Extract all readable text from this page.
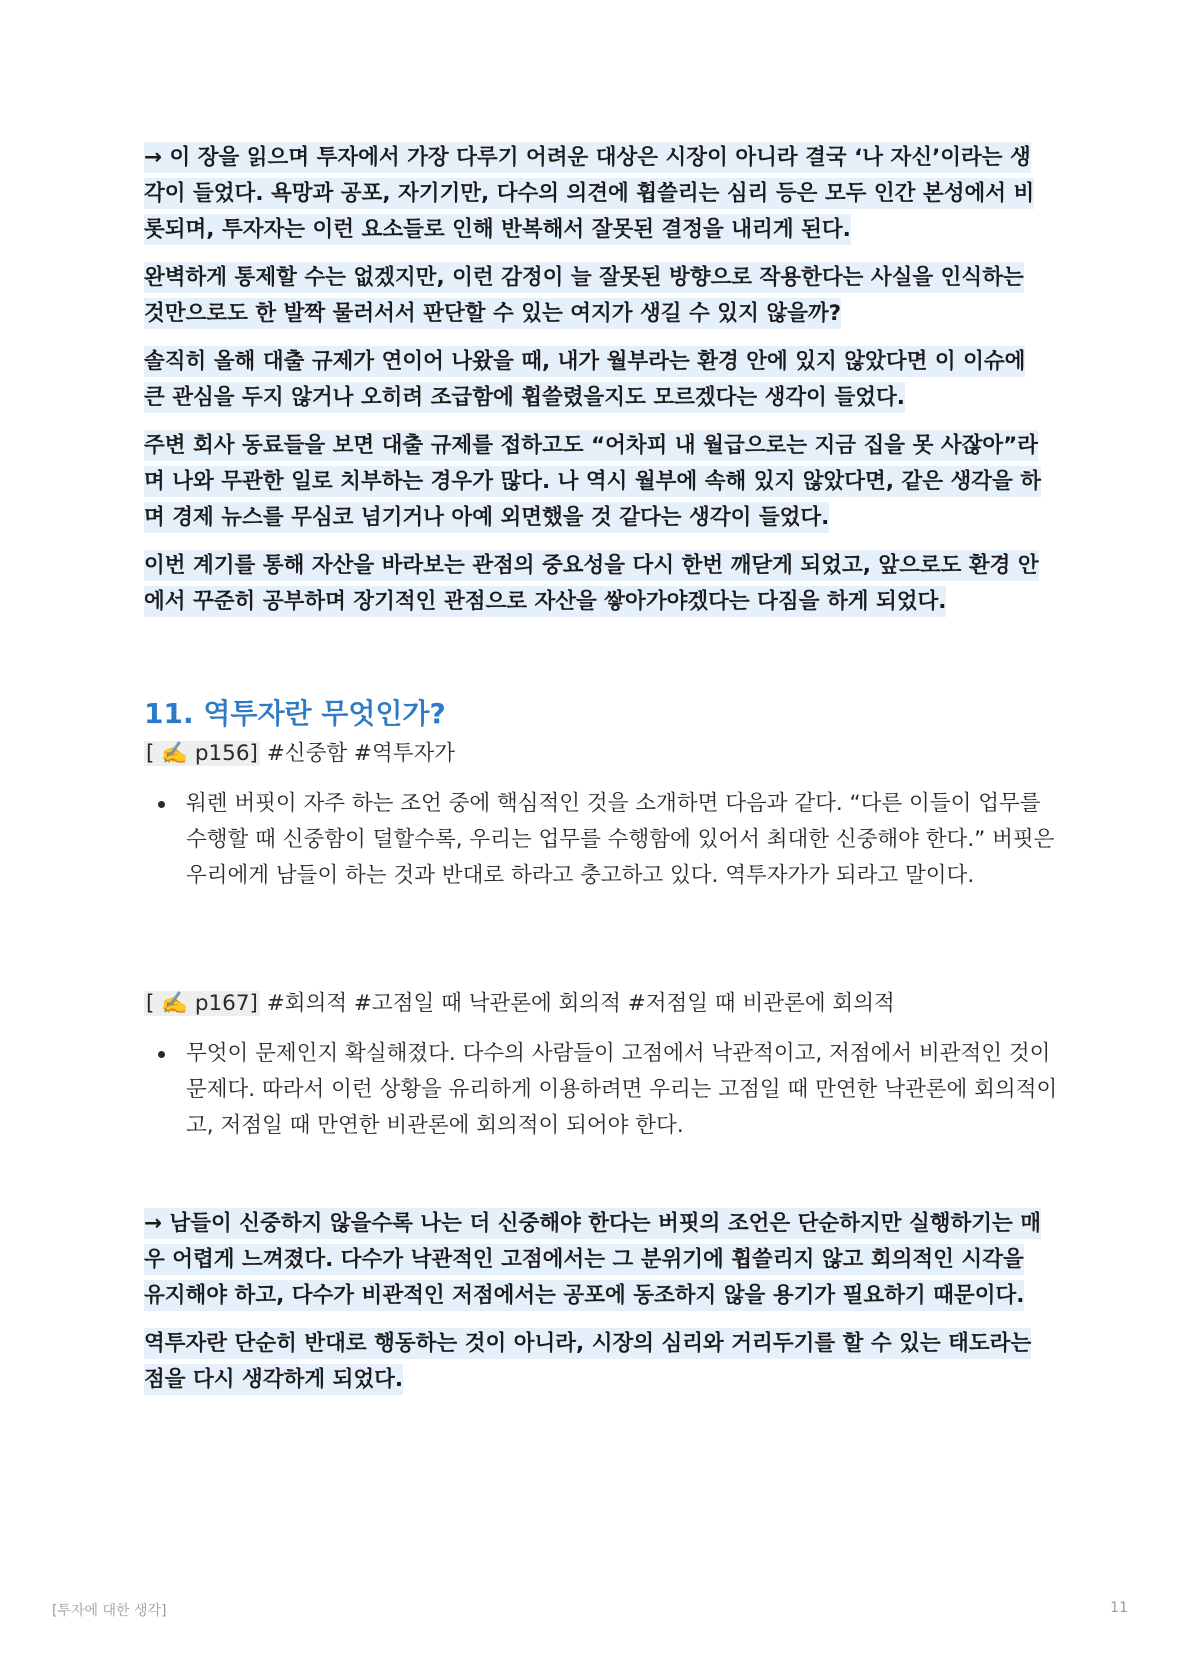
→ 이 장을 읽으며 투자에서 가장 다루기 어려운 대상은 시장이 아니라 결국 ‘나 자신’이라는 생각이 들었다. 욕망과 공포, 자기기만, 다수의 의견에 휩쓸리는 심리 등은 모두 인간 본성에서 비롯되며, 투자자는 이런 요소들로 인해 반복해서 잘못된 결정을 내리게 된다.

완벽하게 통제할 수는 없겠지만, 이런 감정이 늘 잘못된 방향으로 작용한다는 사실을 인식하는 것만으로도 한 발짝 물러서서 판단할 수 있는 여지가 생길 수 있지 않을까?

솔직히 올해 대출 규제가 연이어 나왔을 때, 내가 월부라는 환경 안에 있지 않았다면 이 이슈에 큰 관심을 두지 않거나 오히려 조급함에 휩쓸렸을지도 모르겠다는 생각이 들었다.

주변 회사 동료들을 보면 대출 규제를 접하고도 “어차피 내 월급으로는 지금 집을 못 사잖아”라며 나와 무관한 일로 치부하는 경우가 많다. 나 역시 월부에 속해 있지 않았다면, 같은 생각을 하며 경제 뉴스를 무심코 넘기거나 아예 외면했을 것 같다는 생각이 들었다.

이번 계기를 통해 자산을 바라보는 관점의 중요성을 다시 한번 깨닫게 되었고, 앞으로도 환경 안에서 꾸준히 공부하며 장기적인 관점으로 자산을 쌓아가야겠다는 다짐을 하게 되었다.

11. 역투자란 무엇인가?
[ ✍️ p156] #신중함 #역투자가
워렌 버핏이 자주 하는 조언 중에 핵심적인 것을 소개하면 다음과 같다. “다른 이들이 업무를 수행할 때 신중함이 덜할수록, 우리는 업무를 수행함에 있어서 최대한 신중해야 한다.” 버핏은 우리에게 남들이 하는 것과 반대로 하라고 충고하고 있다. 역투자가가 되라고 말이다.
[ ✍️ p167] #회의적 #고점일 때 낙관론에 회의적 #저점일 때 비관론에 회의적
무엇이 문제인지 확실해졌다. 다수의 사람들이 고점에서 낙관적이고, 저점에서 비관적인 것이 문제다. 따라서 이런 상황을 유리하게 이용하려면 우리는 고점일 때 만연한 낙관론에 회의적이고, 저점일 때 만연한 비관론에 회의적이 되어야 한다.

→ 남들이 신중하지 않을수록 나는 더 신중해야 한다는 버핏의 조언은 단순하지만 실행하기는 매우 어렵게 느껴졌다. 다수가 낙관적인 고점에서는 그 분위기에 휩쓸리지 않고 회의적인 시각을 유지해야 하고, 다수가 비관적인 저점에서는 공포에 동조하지 않을 용기가 필요하기 때문이다.

역투자란 단순히 반대로 행동하는 것이 아니라, 시장의 심리와 거리두기를 할 수 있는 태도라는 점을 다시 생각하게 되었다.

[투자에 대한 생각]	11
